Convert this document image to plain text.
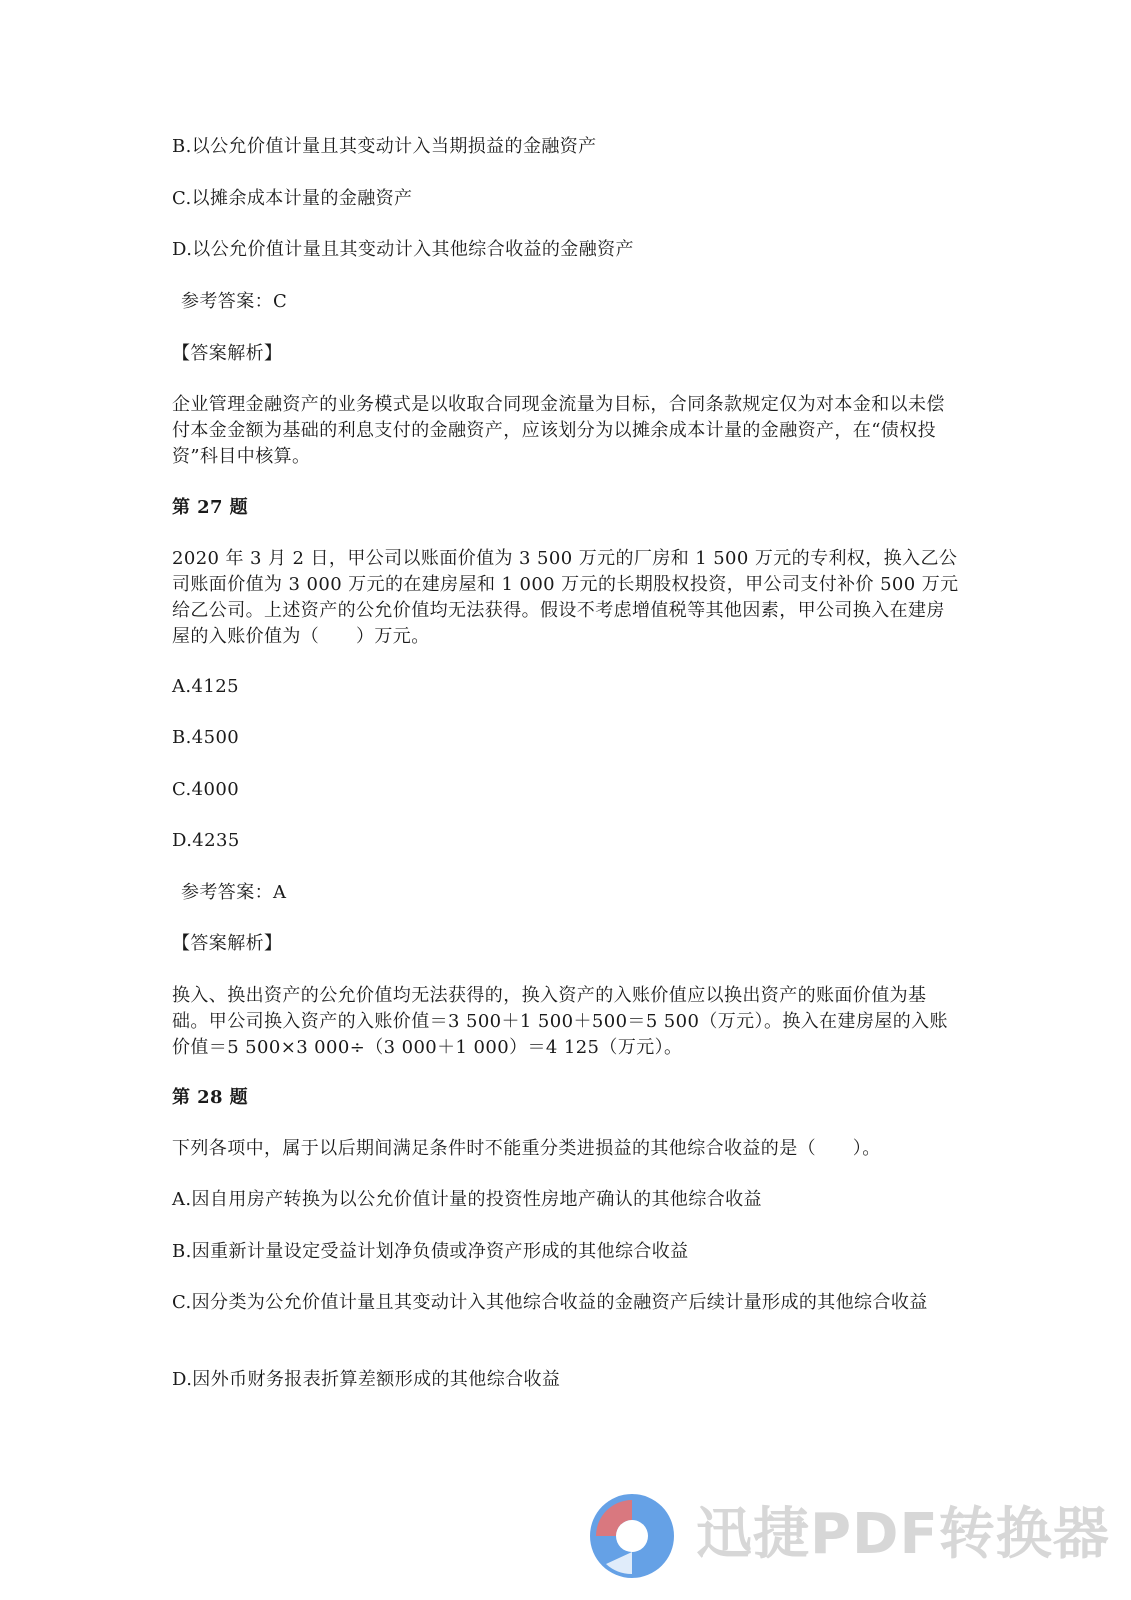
B.以公允价值计量且其变动计入当期损益的金融资产

C.以摊余成本计量的金融资产

D.以公允价值计量且其变动计入其他综合收益的金融资产

参考答案：C

【答案解析】

企业管理金融资产的业务模式是以收取合同现金流量为目标，合同条款规定仅为对本金和以未偿付本金金额为基础的利息支付的金融资产，应该划分为以摊余成本计量的金融资产，在“债权投资”科目中核算。

第 27 题

2020 年 3 月 2 日，甲公司以账面价值为 3 500 万元的厂房和 1 500 万元的专利权，换入乙公司账面价值为 3 000 万元的在建房屋和 1 000 万元的长期股权投资，甲公司支付补价 500 万元给乙公司。上述资产的公允价值均无法获得。假设不考虑增值税等其他因素，甲公司换入在建房屋的入账价值为（　　）万元。

A.4125

B.4500

C.4000

D.4235

参考答案：A

【答案解析】

换入、换出资产的公允价值均无法获得的，换入资产的入账价值应以换出资产的账面价值为基础。甲公司换入资产的入账价值＝3 500＋1 500＋500＝5 500（万元）。换入在建房屋的入账价值＝5 500×3 000÷（3 000＋1 000）＝4 125（万元）。

第 28 题

下列各项中，属于以后期间满足条件时不能重分类进损益的其他综合收益的是（　　）。

A.因自用房产转换为以公允价值计量的投资性房地产确认的其他综合收益

B.因重新计量设定受益计划净负债或净资产形成的其他综合收益

C.因分类为公允价值计量且其变动计入其他综合收益的金融资产后续计量形成的其他综合收益

D.因外币财务报表折算差额形成的其他综合收益

迅捷PDF转换器
